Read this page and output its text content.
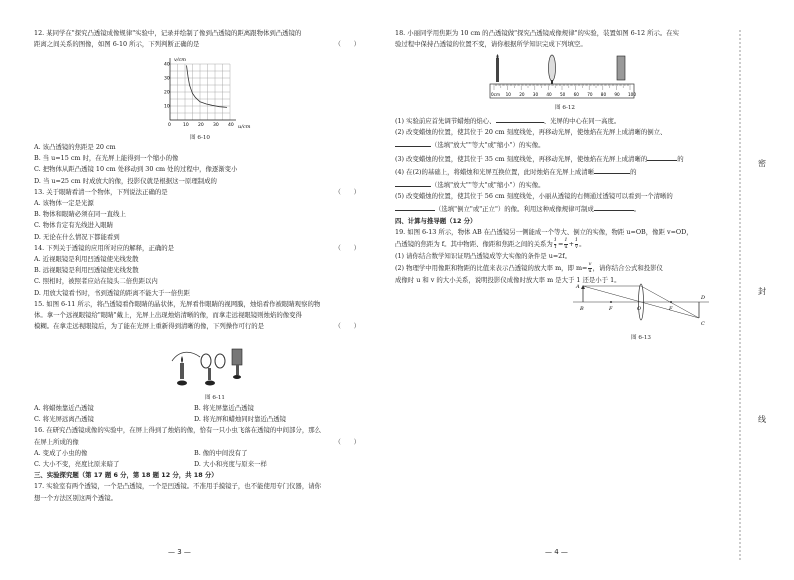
12. 某同学在"探究凸透镜成像规律"实验中，记录并绘制了像到凸透镜的距离跟物体到凸透镜的

距离之间关系的图像，如图 6-10 所示，下列判断正确的是	（　　）

0	10 20 30 40
10
20
30
40
v/cm
u/cm
图 6-10

A. 该凸透镜的焦距是 20 cm

B. 当 u=15 cm 时，在光屏上能得到一个缩小的像

C. 把物体从距凸透镜 10 cm 处移动到 30 cm 处的过程中，像逐渐变小

D. 当 u=25 cm 时成放大的像，投影仪就是根据这一原理制成的

13. 关于眼睛看清一个物体，下列说法正确的是	（　　）

A. 该物体一定是光源

B. 物体和眼睛必须在同一直线上

C. 物体肯定有光线进入眼睛

D. 无论在什么情况下都能看到

14. 下列关于透镜的应用所对应的解释，正确的是	（　　）

A. 近视眼镜是利用凹透镜使光线发散

B. 远视眼镜是利用凹透镜使光线发散

C. 照相时，被照者应站在镜头二倍焦距以内

D. 用放大镜看书时，书到透镜的距离不能大于一倍焦距

15. 如图 6-11 所示，将凸透镜看作眼睛的晶状体，光屏看作眼睛的视网膜，烛焰看作被眼睛观察的物

体。拿一个远视眼镜给"眼睛"戴上，光屏上出现烛焰清晰的像，而拿走远视眼镜则烛焰的像变得

模糊。在拿走远视眼镜后，为了能在光屏上重新得到清晰的像，下列操作可行的是	（　　）

图 6-11
A. 将蜡烛靠近凸透镜	B. 将光屏靠近凸透镜
C. 将光屏远离凸透镜	D. 将光屏和蜡烛同时靠近凸透镜

16. 在研究凸透镜成像的实验中，在屏上得到了烛焰的像，恰有一只小虫飞落在透镜的中间部分，那么

在屏上所成的像	（　　）

A. 变成了小虫的像	B. 像的中间没有了
C. 大小不变，亮度比原来暗了	D. 大小和亮度与原来一样

三、实验探究题（第 17 题 6 分，第 18 题 12 分，共 18 分）

17. 实验室有两个透镜，一个是凸透镜，一个是凹透镜。不准用手摸镜子，也不能使用专门仪器，请你

想一个方法区别这两个透镜。

— 3 —

18. 小丽同学用焦距为 10 cm 的凸透镜做"探究凸透镜成像规律"的实验，装置如图 6-12 所示。在实

验过程中保持凸透镜的位置不变，请你根据所学知识完成下列填空。

0cm 10 20 30 40 50 60 70 80 90 100
图 6-12

(1) 实验前应首先调节蜡烛的焰心、	、光屏的中心在同一高度。

(2) 改变蜡烛的位置，使其位于 20 cm 刻度线处，再移动光屏，使烛焰在光屏上成清晰的倒立、

（选填"放大""等大"或"缩小"）的实像。

(3) 改变蜡烛的位置，使其位于 35 cm 刻度线处，再移动光屏，使烛焰在光屏上成清晰的	的

(4) 在(2)的基础上，将蜡烛和光屏互换位置，此时烛焰在光屏上成清晰	的

（选填"放大""等大"或"缩小"）的实像。

(5) 改变蜡烛的位置，使其位于 56 cm 刻度线处，小丽从透镜的右侧通过透镜可以看到一个清晰的

（选填"倒立"或"正立"）的像。利用这种成像规律可制成	。

四、计算与推导题（12 分）

19. 如图 6-13 所示，物体 AB 在凸透镜另一侧能成一个等大、倒立的实像，物距 u=OB，像距 v=OD，

凸透镜的焦距为 f。其中物距、像距和焦距之间的关系为 $\frac{1}{f} = \frac{1}{u} + \frac{1}{v}$ 。

(1) 请你结合数学知识证明凸透镜成等大实像的条件是 u=2f。

(2) 物理学中用像距和物距的比值来表示凸透镜的放大率 m，即 $m= \frac{v}{u}$ ，请你结合公式和投影仪

成像时 u 和 v 的大小关系，说明投影仪成像时放大率 m 是大于 1 还是小于 1。

A
B	F	O	F
D
C
图 6-13
— 4 —
密
封
线
